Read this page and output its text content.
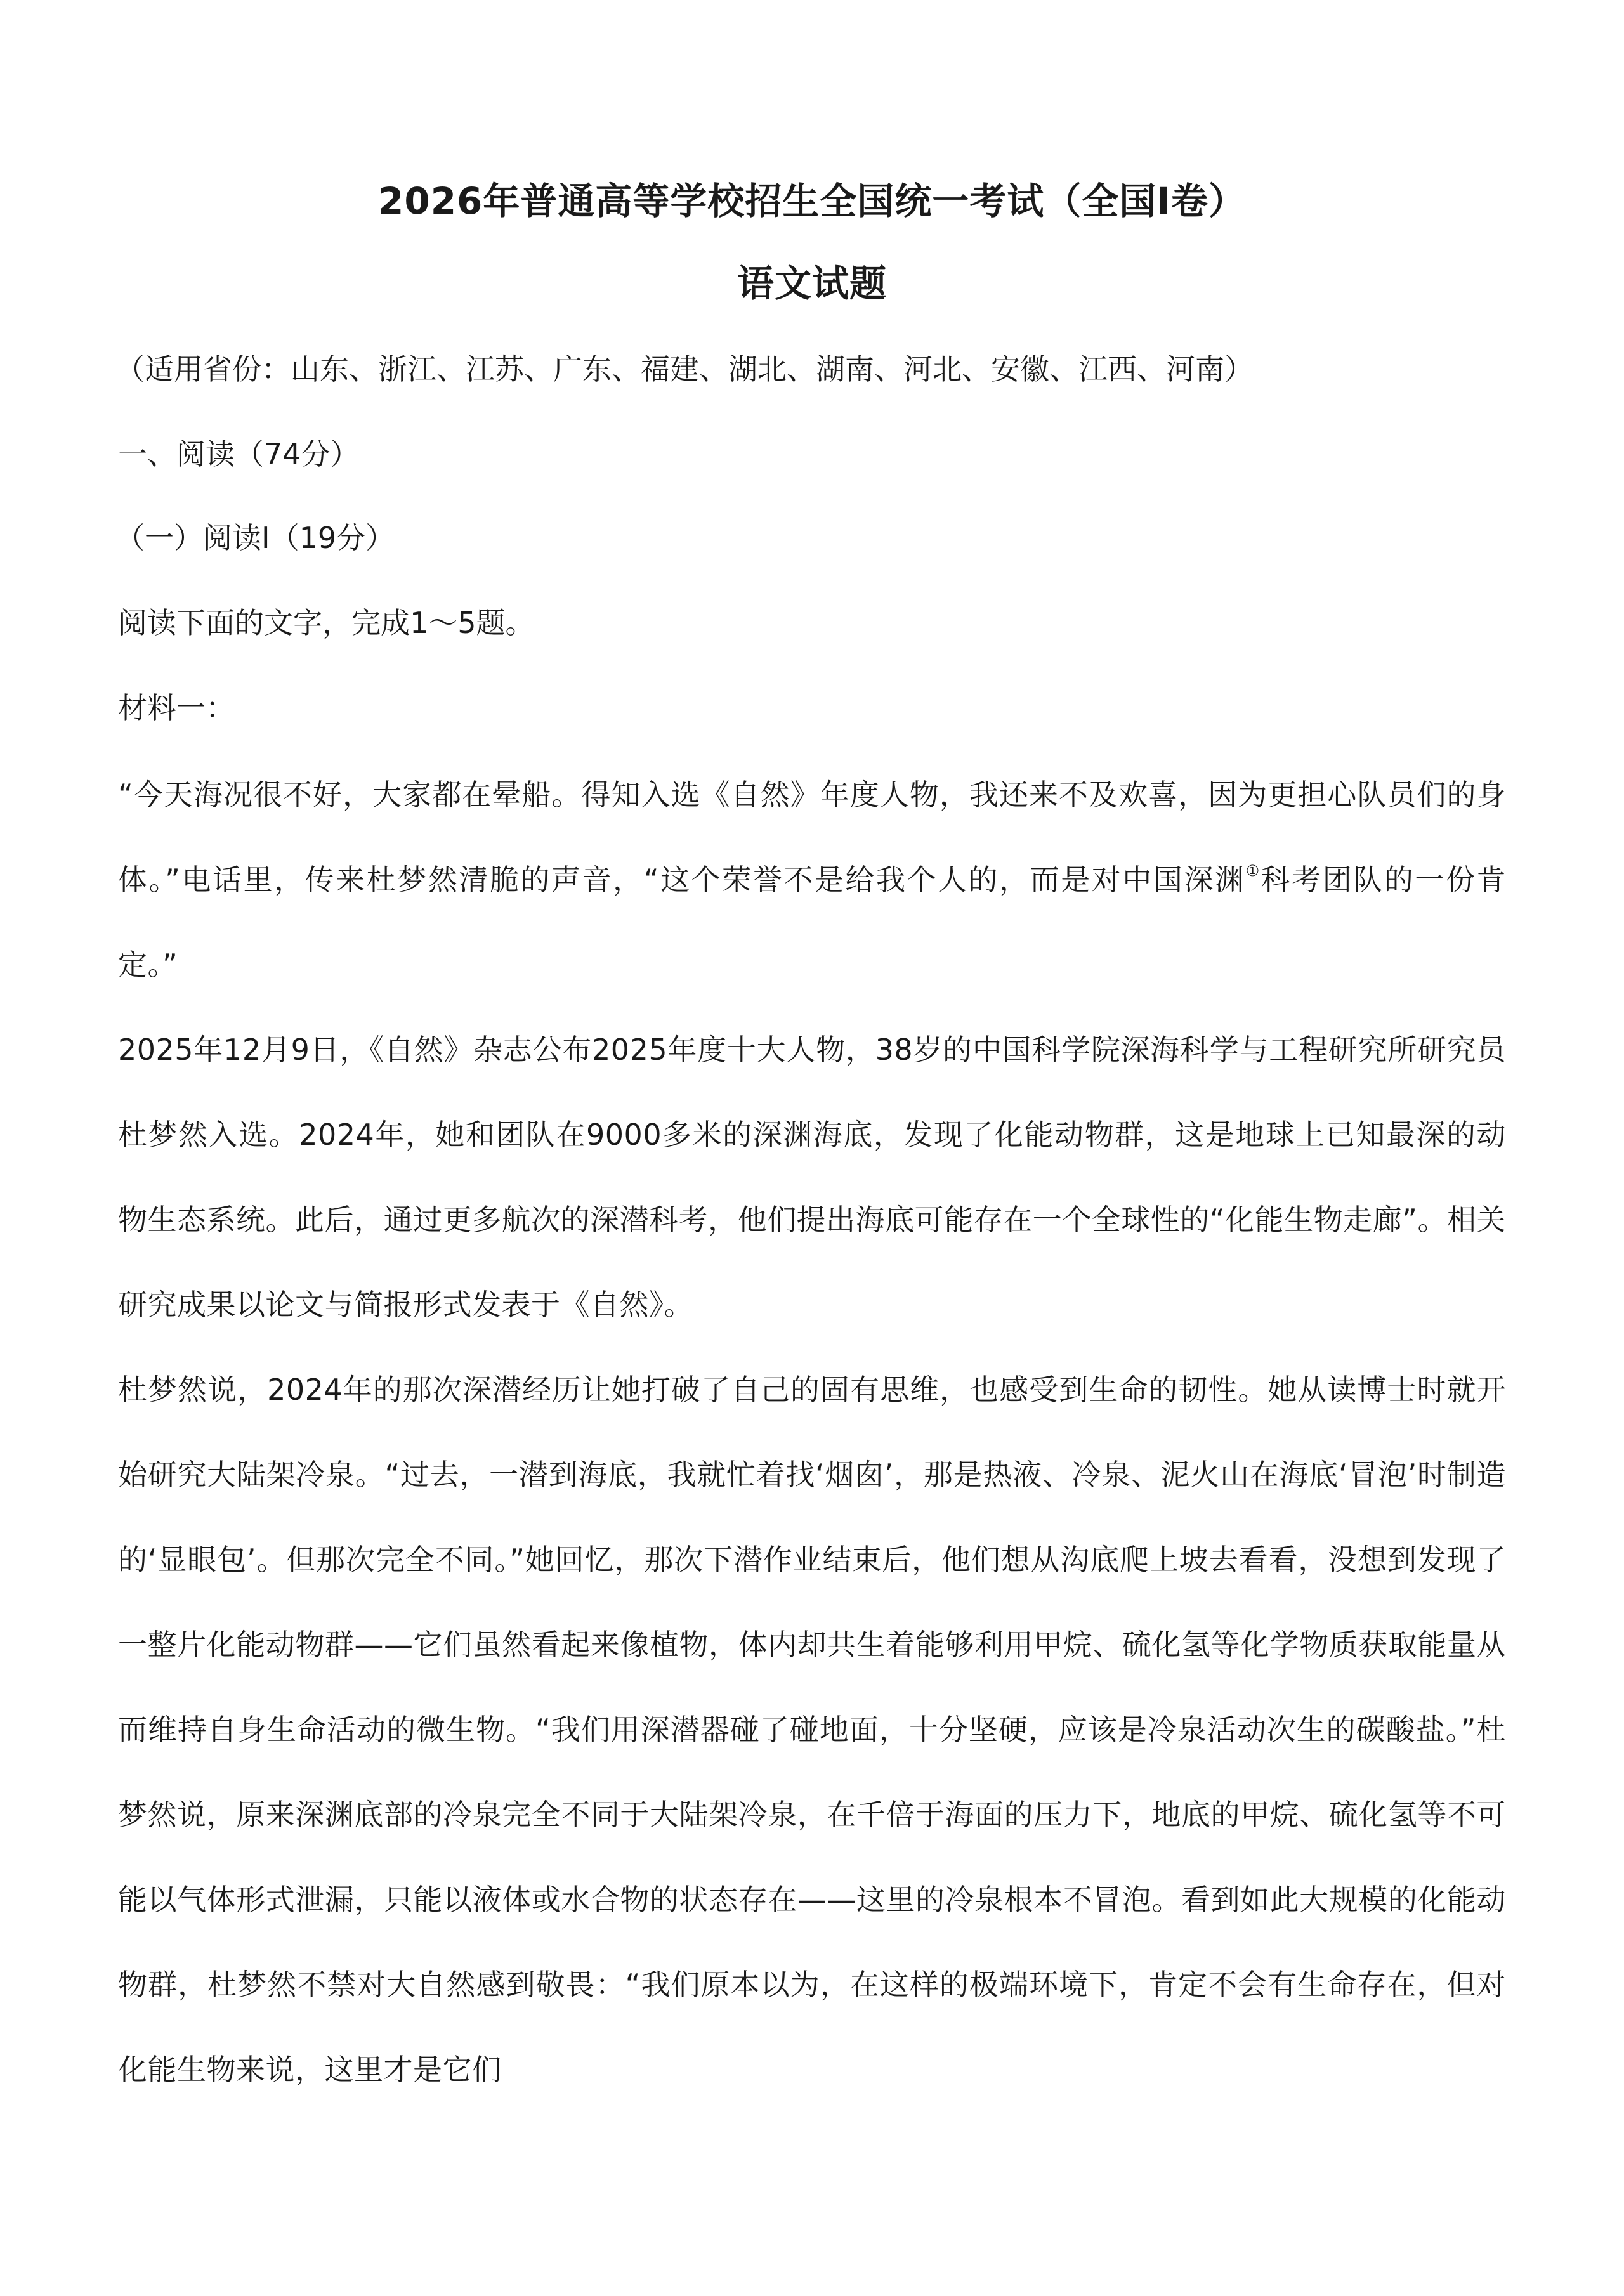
2026年普通高等学校招生全国统一考试（全国Ⅰ卷）
语文试题
（适用省份：山东、浙江、江苏、广东、福建、湖北、湖南、河北、安徽、江西、河南）
一、阅读（74分）
（一）阅读Ⅰ（19分）
阅读下面的文字，完成1～5题。
材料一：

“今天海况很不好，大家都在晕船。得知入选《自然》年度人物，我还来不及欢喜，因为更担心队员们的身体。”电话里，传来杜梦然清脆的声音，“这个荣誉不是给我个人的，而是对中国深渊①科考团队的一份肯定。”

2025年12月9日，《自然》杂志公布2025年度十大人物，38岁的中国科学院深海科学与工程研究所研究员杜梦然入选。2024年，她和团队在9000多米的深渊海底，发现了化能动物群，这是地球上已知最深的动物生态系统。此后，通过更多航次的深潜科考，他们提出海底可能存在一个全球性的“化能生物走廊”。相关研究成果以论文与简报形式发表于《自然》。

杜梦然说，2024年的那次深潜经历让她打破了自己的固有思维，也感受到生命的韧性。她从读博士时就开始研究大陆架冷泉。“过去，一潜到海底，我就忙着找‘烟囱’，那是热液、冷泉、泥火山在海底‘冒泡’时制造的‘显眼包’。但那次完全不同。”她回忆，那次下潜作业结束后，他们想从沟底爬上坡去看看，没想到发现了一整片化能动物群——它们虽然看起来像植物，体内却共生着能够利用甲烷、硫化氢等化学物质获取能量从而维持自身生命活动的微生物。“我们用深潜器碰了碰地面，十分坚硬，应该是冷泉活动次生的碳酸盐。”杜梦然说，原来深渊底部的冷泉完全不同于大陆架冷泉，在千倍于海面的压力下，地底的甲烷、硫化氢等不可能以气体形式泄漏，只能以液体或水合物的状态存在——这里的冷泉根本不冒泡。看到如此大规模的化能动物群，杜梦然不禁对大自然感到敬畏：“我们原本以为，在这样的极端环境下，肯定不会有生命存在，但对化能生物来说，这里才是它们
